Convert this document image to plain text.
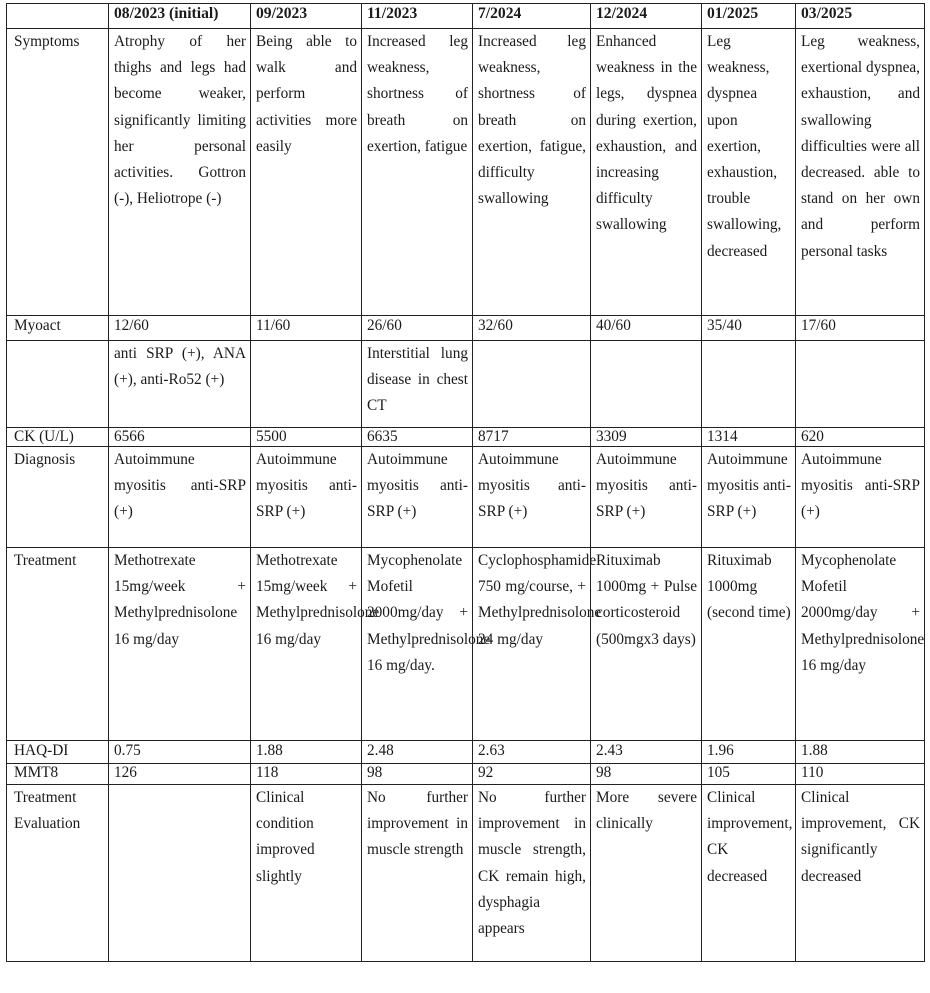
	08/2023 (initial)	09/2023	11/2023	7/2024	12/2024	01/2025	03/2025
Symptoms	Atrophy of her thighs and legs had become weaker, significantly limiting her personal activities. Gottron (-), Heliotrope (-)	Being able to walk and perform activities more easily	Increased leg weakness, shortness of breath on exertion, fatigue	Increased leg weakness, shortness of breath on exertion, fatigue, difficulty swallowing	Enhanced weakness in the legs, dyspnea during exertion, exhaustion, and increasing difficulty swallowing	Leg weakness, dyspnea upon exertion, exhaustion, trouble swallowing, decreased	Leg weakness, exertional dyspnea, exhaustion, and swallowing difficulties were all decreased. able to stand on her own and perform personal tasks
Myoact	12/60	11/60	26/60	32/60	40/60	35/40	17/60
	anti SRP (+), ANA (+), anti-Ro52 (+)		Interstitial lung disease in chest CT				
CK (U/L)	6566	5500	6635	8717	3309	1314	620
Diagnosis	Autoimmune myositis anti-SRP (+)	Autoimmune myositis anti-SRP (+)	Autoimmune myositis anti-SRP (+)	Autoimmune myositis anti-SRP (+)	Autoimmune myositis anti-SRP (+)	Autoimmune myositis anti-SRP (+)	Autoimmune myositis anti-SRP (+)
Treatment	Methotrexate 15mg/week + Methylprednisolone 16 mg/day	Methotrexate 15mg/week + Methylprednisolone 16 mg/day	Mycophenolate Mofetil 2000mg/day + Methylprednisolone 16 mg/day.	Cyclophosphamide 750 mg/course, + Methylprednisolone 24 mg/day	Rituximab 1000mg + Pulse corticosteroid (500mgx3 days)	Rituximab 1000mg (second time)	Mycophenolate Mofetil 2000mg/day + Methylprednisolone 16 mg/day
HAQ-DI	0.75	1.88	2.48	2.63	2.43	1.96	1.88
MMT8	126	118	98	92	98	105	110
Treatment Evaluation		Clinical condition improved slightly	No further improvement in muscle strength	No further improvement in muscle strength, CK remain high, dysphagia appears	More severe clinically	Clinical improvement, CK decreased	Clinical improvement, CK significantly decreased
